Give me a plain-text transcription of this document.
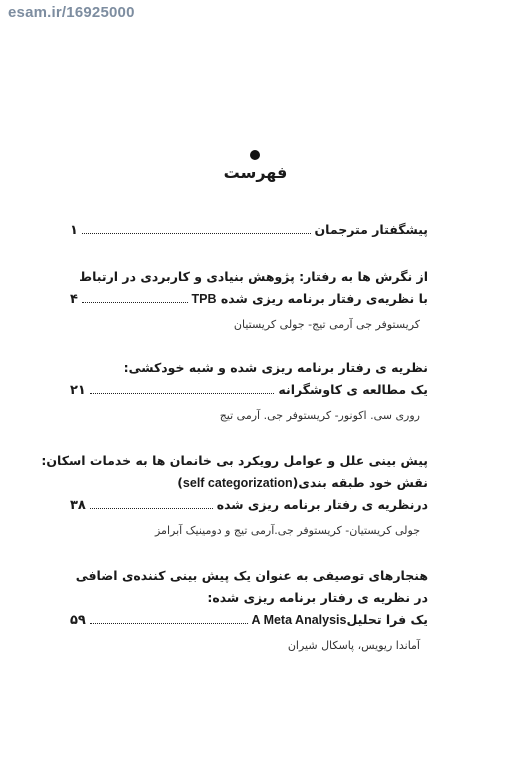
esam.ir/16925000
فهرست
پیشگفتار مترجمان
۱
از نگرش ها به رفتار: پژوهش بنیادی و کاربردی در ارتباط
با نظریه‌ی رفتار برنامه ریزی شده TPB
۴
کریستوفر جی آرمی تیج- جولی کریستیان
نظریه ی رفتار برنامه ریزی شده و شبه خودکشی:
یک مطالعه ی کاوشگرانه
۲۱
روری سی. اکونور- کریستوفر جی. آرمی تیج
پیش بینی علل و عوامل رویکرد بی خانمان ها به خدمات اسکان:
نقش خود طبقه بندی(self categorization)
درنظریه ی رفتار برنامه ریزی شده
۳۸
جولی کریستیان- کریستوفر جی.آرمی تیج و دومینیک آبرامز
هنجارهای توصیفی به عنوان یک پیش بینی کننده‌ی اضافی
در نظریه ی رفتار برنامه ریزی شده:
یک فرا تحلیلA Meta Analysis
۵۹
آماندا ریویس، پاسکال شیران
